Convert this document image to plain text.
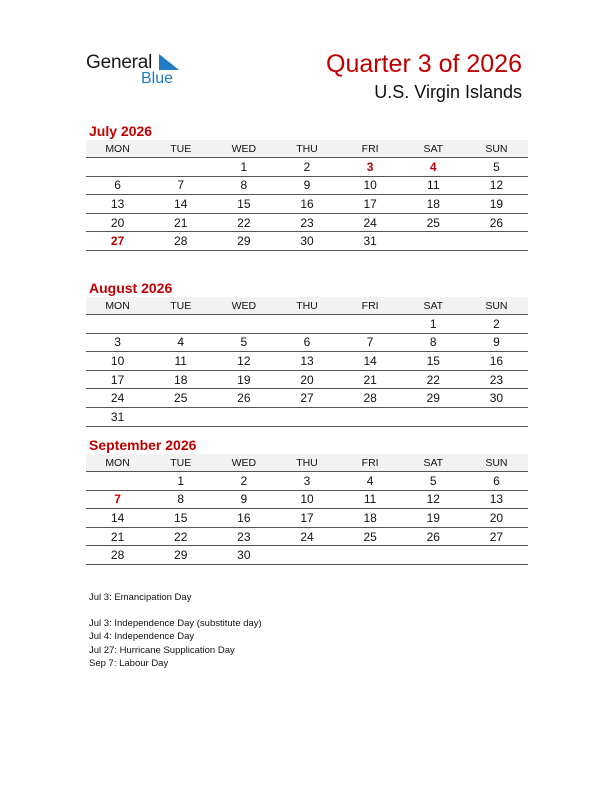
General
Blue
Quarter 3 of 2026
U.S. Virgin Islands
July 2026
MON	TUE	WED	THU	FRI	SAT	SUN
		1	2	3	4	5
6	7	8	9	10	11	12
13	14	15	16	17	18	19
20	21	22	23	24	25	26
27	28	29	30	31		
August 2026
MON	TUE	WED	THU	FRI	SAT	SUN
					1	2
3	4	5	6	7	8	9
10	11	12	13	14	15	16
17	18	19	20	21	22	23
24	25	26	27	28	29	30
31						
September 2026
MON	TUE	WED	THU	FRI	SAT	SUN
	1	2	3	4	5	6
7	8	9	10	11	12	13
14	15	16	17	18	19	20
21	22	23	24	25	26	27
28	29	30				
Jul 3: Emancipation Day
Jul 3: Independence Day (substitute day)
Jul 4: Independence Day
Jul 27: Hurricane Supplication Day
Sep 7: Labour Day
